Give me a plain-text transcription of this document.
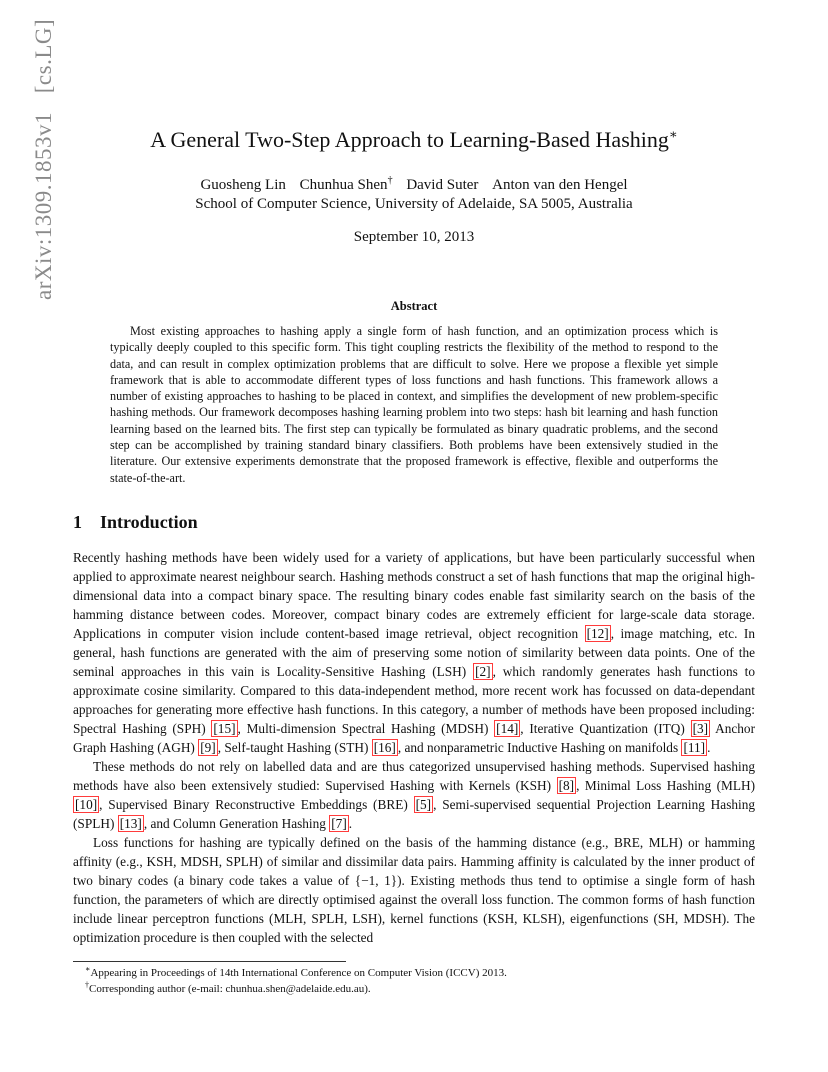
arXiv:1309.1853v1   [cs.LG]
A General Two-Step Approach to Learning-Based Hashing∗
Guosheng Lin Chunhua Shen† David Suter Anton van den Hengel
School of Computer Science, University of Adelaide, SA 5005, Australia
September 10, 2013
Abstract

Most existing approaches to hashing apply a single form of hash function, and an optimization process which is typically deeply coupled to this specific form. This tight coupling restricts the flexibility of the method to respond to the data, and can result in complex optimization problems that are difficult to solve. Here we propose a flexible yet simple framework that is able to accommodate different types of loss functions and hash functions. This framework allows a number of existing approaches to hashing to be placed in context, and simplifies the development of new problem-specific hashing methods. Our framework decomposes hashing learning problem into two steps: hash bit learning and hash function learning based on the learned bits. The first step can typically be formulated as binary quadratic problems, and the second step can be accomplished by training standard binary classifiers. Both problems have been extensively studied in the literature. Our extensive experiments demonstrate that the proposed framework is effective, flexible and outperforms the state-of-the-art.

1 Introduction

Recently hashing methods have been widely used for a variety of applications, but have been particularly successful when applied to approximate nearest neighbour search. Hashing methods construct a set of hash functions that map the original high-dimensional data into a compact binary space. The resulting binary codes enable fast similarity search on the basis of the hamming distance between codes. Moreover, compact binary codes are extremely efficient for large-scale data storage. Applications in computer vision include content-based image retrieval, object recognition [12] , image matching, etc. In general, hash functions are generated with the aim of preserving some notion of similarity between data points. One of the seminal approaches in this vain is Locality-Sensitive Hashing (LSH) [2] , which randomly generates hash functions to approximate cosine similarity. Compared to this data-independent method, more recent work has focussed on data-dependant approaches for generating more effective hash functions. In this category, a number of methods have been proposed including: Spectral Hashing (SPH) [15] , Multi-dimension Spectral Hashing (MDSH) [14] , Iterative Quantization (ITQ) [3] Anchor Graph Hashing (AGH) [9] , Self-taught Hashing (STH) [16] , and nonparametric Inductive Hashing on manifolds [11] .

These methods do not rely on labelled data and are thus categorized unsupervised hashing methods. Supervised hashing methods have also been extensively studied: Supervised Hashing with Kernels (KSH) [8] , Minimal Loss Hashing (MLH) [10] , Supervised Binary Reconstructive Embeddings (BRE) [5] , Semi-supervised sequential Projection Learning Hashing (SPLH) [13] , and Column Generation Hashing [7] .

Loss functions for hashing are typically defined on the basis of the hamming distance (e.g., BRE, MLH) or hamming affinity (e.g., KSH, MDSH, SPLH) of similar and dissimilar data pairs. Hamming affinity is calculated by the inner product of two binary codes (a binary code takes a value of {−1, 1}). Existing methods thus tend to optimise a single form of hash function, the parameters of which are directly optimised against the overall loss function. The common forms of hash function include linear perceptron functions (MLH, SPLH, LSH), kernel functions (KSH, KLSH), eigenfunctions (SH, MDSH). The optimization procedure is then coupled with the selected

∗Appearing in Proceedings of 14th International Conference on Computer Vision (ICCV) 2013.
†Corresponding author (e-mail: chunhua.shen@adelaide.edu.au).
